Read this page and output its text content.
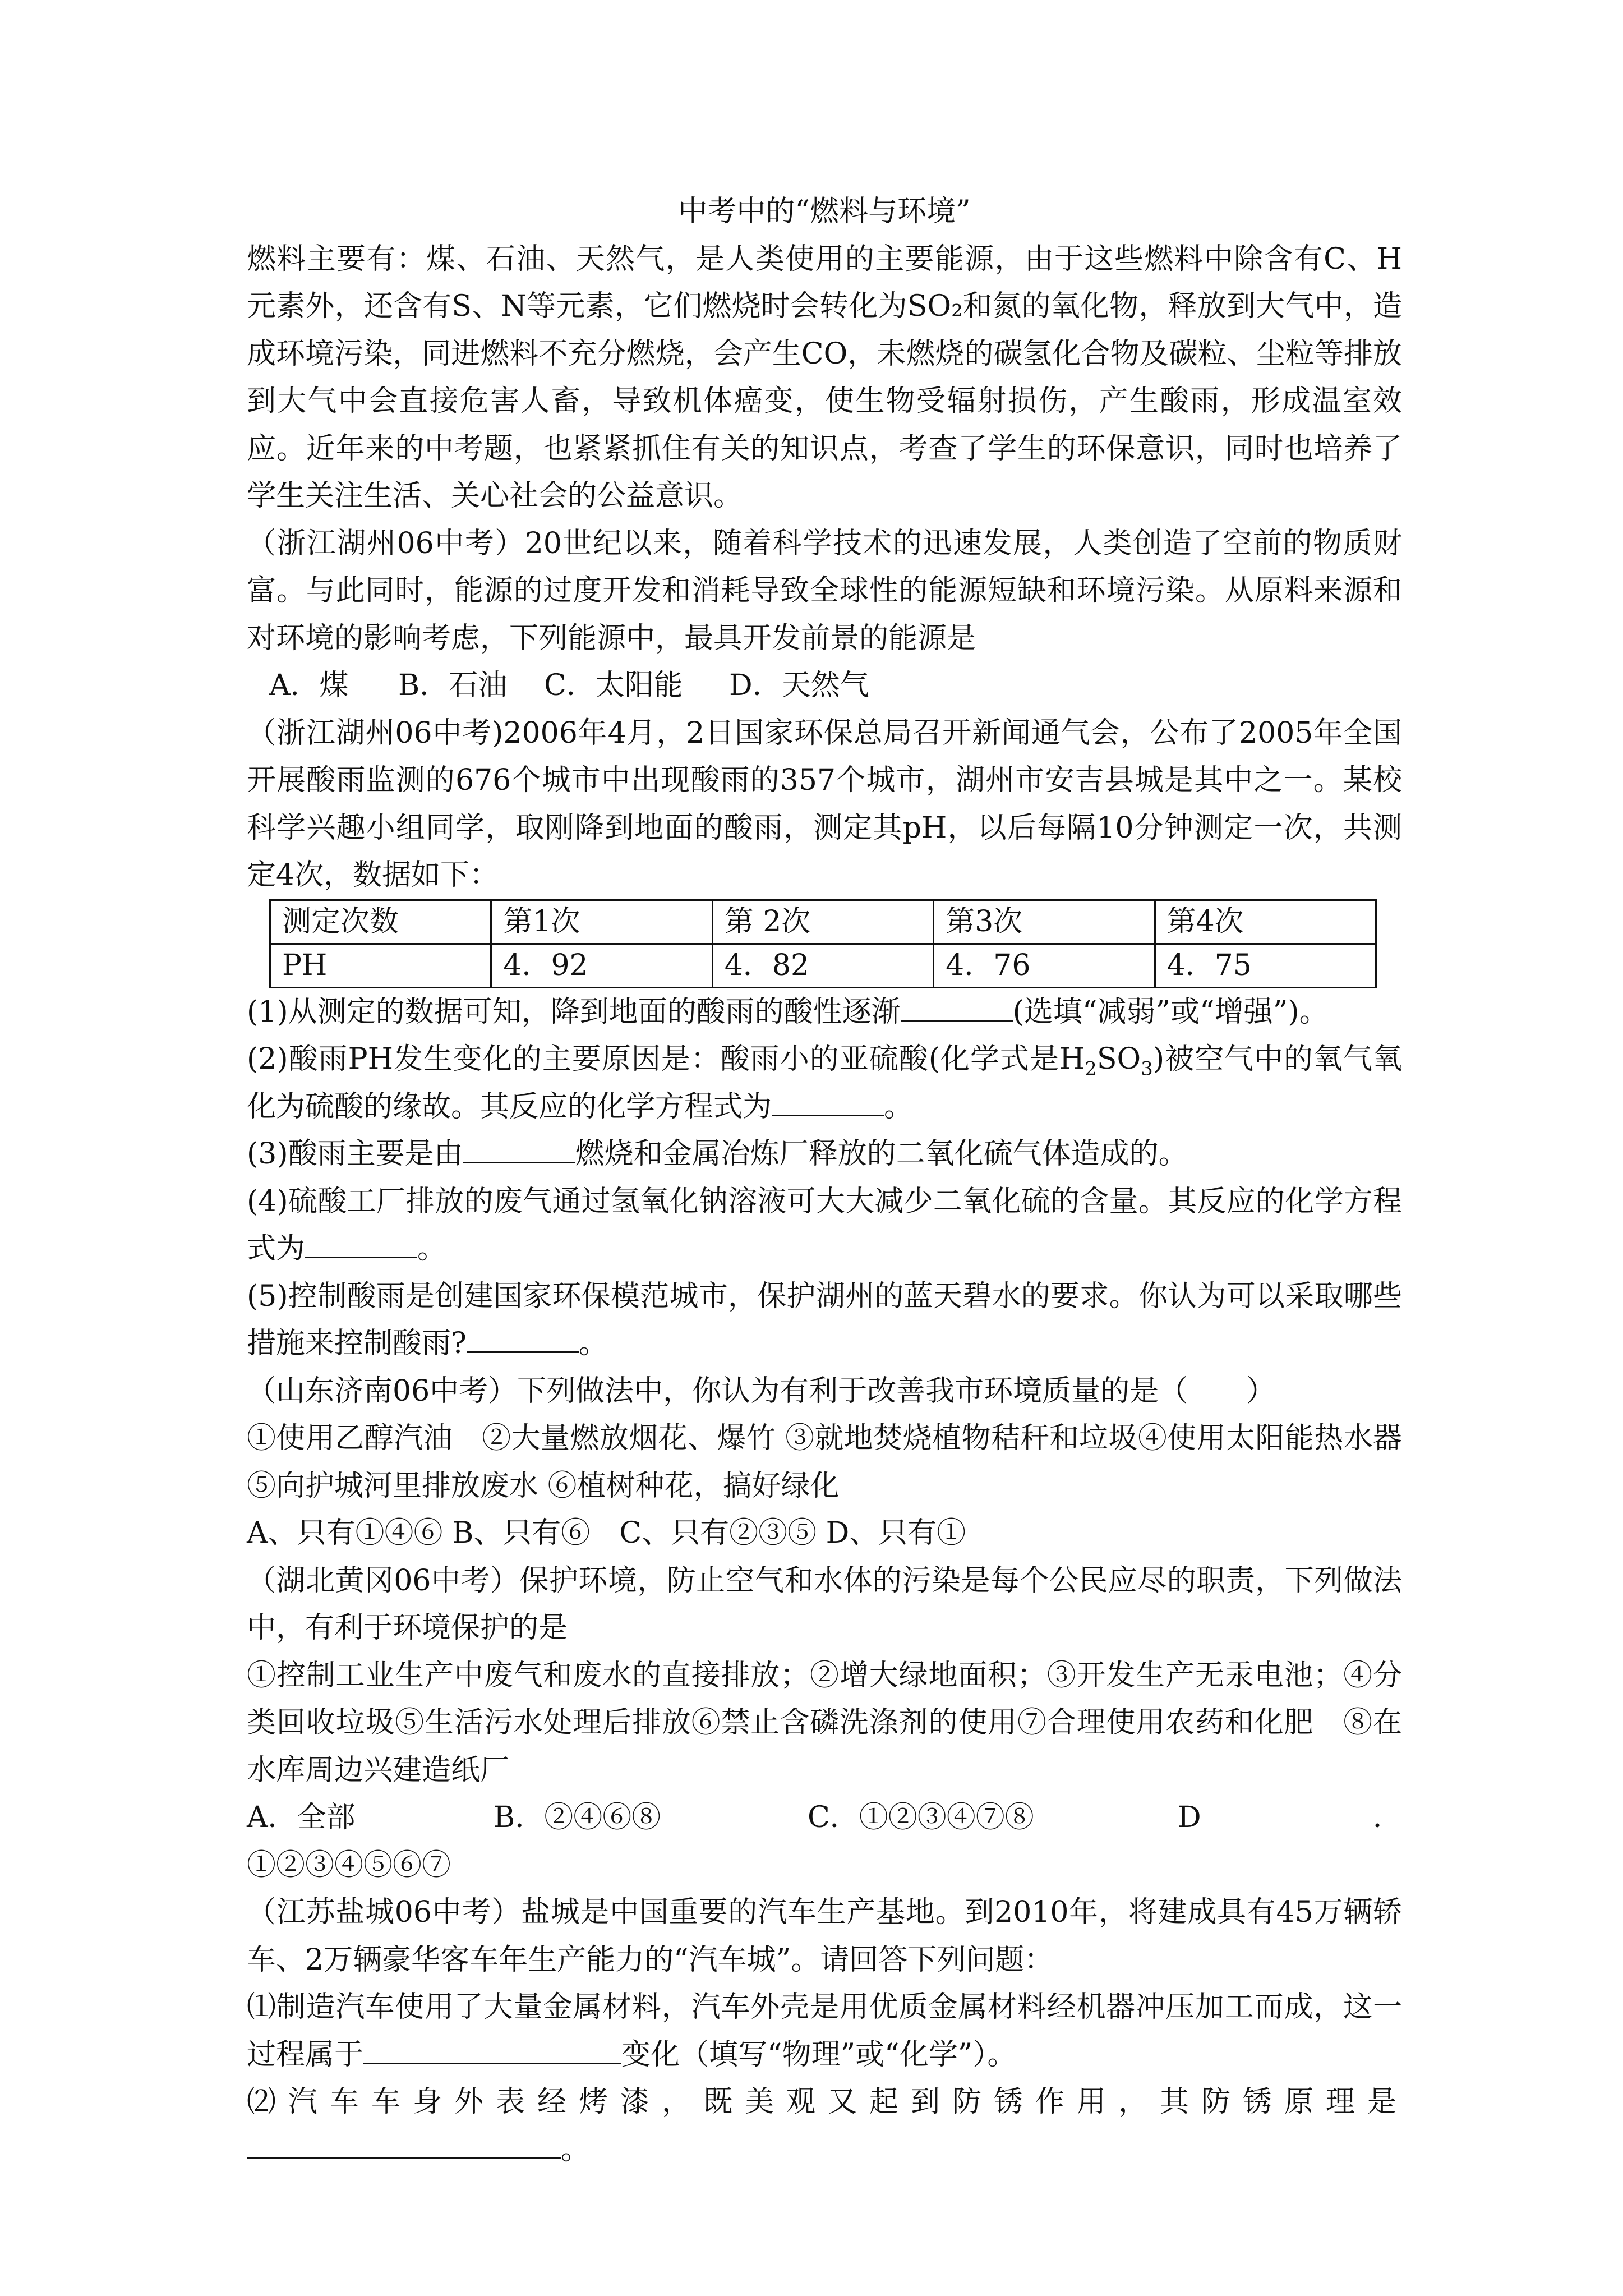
中考中的“燃料与环境”

燃料主要有：煤、石油、天然气，是人类使用的主要能源，由于这些燃料中除含有C、H元素外，还含有S、N等元素，它们燃烧时会转化为SO₂和氮的氧化物，释放到大气中，造成环境污染，同进燃料不充分燃烧，会产生CO，未燃烧的碳氢化合物及碳粒、尘粒等排放到大气中会直接危害人畜，导致机体癌变，使生物受辐射损伤，产生酸雨，形成温室效应。近年来的中考题，也紧紧抓住有关的知识点，考查了学生的环保意识，同时也培养了学生关注生活、关心社会的公益意识。

（浙江湖州06中考）20世纪以来，随着科学技术的迅速发展，人类创造了空前的物质财富。与此同时，能源的过度开发和消耗导致全球性的能源短缺和环境污染。从原料来源和对环境的影响考虑，下列能源中，最具开发前景的能源是

A．煤 B．石油 C．太阳能 D．天然气

（浙江湖州06中考)2006年4月，2日国家环保总局召开新闻通气会，公布了2005年全国开展酸雨监测的676个城市中出现酸雨的357个城市，湖州市安吉县城是其中之一。某校科学兴趣小组同学，取刚降到地面的酸雨，测定其pH，以后每隔10分钟测定一次，共测定4次，数据如下：

测定次数	第1次	第 2次	第3次	第4次
PH	4．92	4．82	4．76	4．75

(1)从测定的数据可知，降到地面的酸雨的酸性逐渐	(选填“减弱”或“增强”)。

(2)酸雨PH发生变化的主要原因是：酸雨小的亚硫酸(化学式是$H_2SO_3$)被空气中的氧气氧化为硫酸的缘故。其反应的化学方程式为	。

(3)酸雨主要是由	燃烧和金属冶炼厂释放的二氧化硫气体造成的。

(4)硫酸工厂排放的废气通过氢氧化钠溶液可大大减少二氧化硫的含量。其反应的化学方程式为	。

(5)控制酸雨是创建国家环保模范城市，保护湖州的蓝天碧水的要求。你认为可以采取哪些措施来控制酸雨?	。

（山东济南06中考）下列做法中，你认为有利于改善我市环境质量的是（　　）

①使用乙醇汽油　②大量燃放烟花、爆竹 ③就地焚烧植物秸秆和垃圾④使用太阳能热水器⑤向护城河里排放废水 ⑥植树种花，搞好绿化

A、只有①④⑥ B、只有⑥　C、只有②③⑤ D、只有①

（湖北黄冈06中考）保护环境，防止空气和水体的污染是每个公民应尽的职责，下列做法中，有利于环境保护的是

①控制工业生产中废气和废水的直接排放；②增大绿地面积；③开发生产无汞电池；④分类回收垃圾⑤生活污水处理后排放⑥禁止含磷洗涤剂的使用⑦合理使用农药和化肥　⑧在水库周边兴建造纸厂

A．全部	B．②④⑥⑧	C．①②③④⑦⑧	D．①②③④⑤⑥⑦

（江苏盐城06中考）盐城是中国重要的汽车生产基地。到2010年，将建成具有45万辆轿车、2万辆豪华客车年生产能力的“汽车城”。请回答下列问题：

⑴制造汽车使用了大量金属材料，汽车外壳是用优质金属材料经机器冲压加工而成，这一过程属于	变化（填写“物理”或“化学”）。

⑵汽车车身外表经烤漆，既美观又起到防锈作用，其防锈原理是。
